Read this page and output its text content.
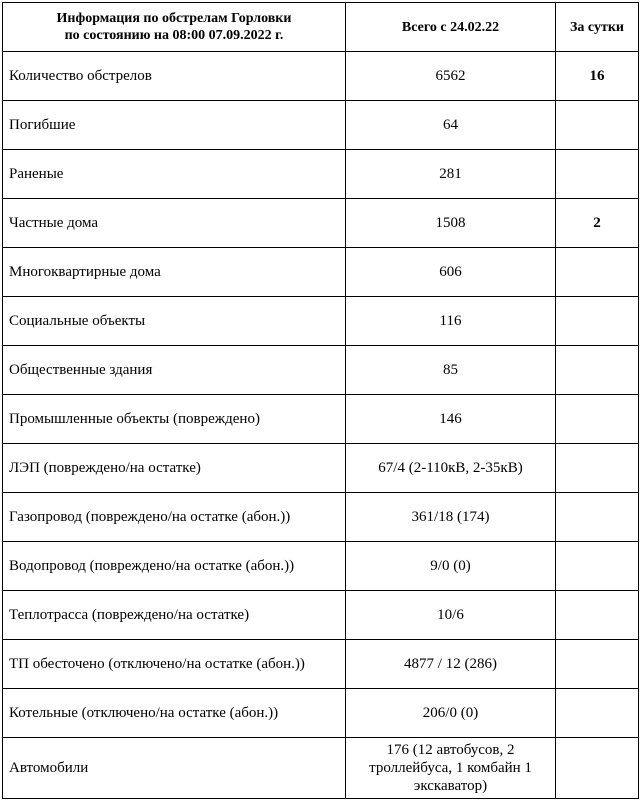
Информация по обстрелам Горловки
по состоянию на 08:00 07.09.2022 г.	Всего с 24.02.22	За сутки
Количество обстрелов	6562	16
Погибшие	64	
Раненые	281	
Частные дома	1508	2
Многоквартирные дома	606	
Социальные объекты	116	
Общественные здания	85	
Промышленные объекты (повреждено)	146	
ЛЭП (повреждено/на остатке)	67/4 (2-110кВ, 2-35кВ)	
Газопровод (повреждено/на остатке (абон.))	361/18 (174)	
Водопровод (повреждено/на остатке (абон.))	9/0 (0)	
Теплотрасса (повреждено/на остатке)	10/6	
ТП обесточено (отключено/на остатке (абон.))	4877 / 12 (286)	
Котельные (отключено/на остатке (абон.))	206/0 (0)	
Автомобили	176 (12 автобусов, 2 троллейбуса, 1 комбайн 1 экскаватор)	
